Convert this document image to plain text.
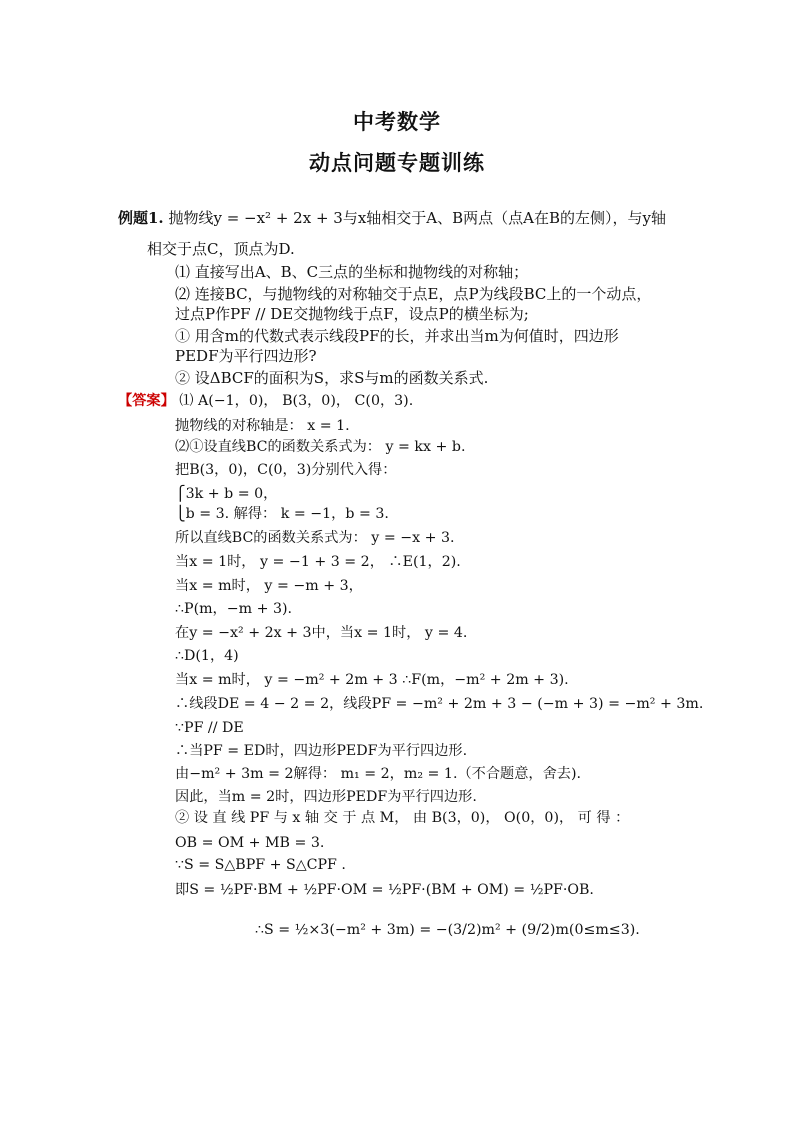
中考数学
动点问题专题训练
例题1. 抛物线y = −x² + 2x + 3与x轴相交于A、B两点（点A在B的左侧），与y轴
相交于点C，顶点为D.
⑴ 直接写出A、B、C三点的坐标和抛物线的对称轴；
⑵ 连接BC，与抛物线的对称轴交于点E，点P为线段BC上的一个动点，
过点P作PF // DE交抛物线于点F，设点P的横坐标为;
① 用含m的代数式表示线段PF的长，并求出当m为何值时，四边形
PEDF为平行四边形?
② 设ΔBCF的面积为S，求S与m的函数关系式.
【答案】 ⑴ A(−1，0)， B(3，0)， C(0，3).
抛物线的对称轴是： x = 1.
⑵①设直线BC的函数关系式为： y = kx + b.
把B(3，0)，C(0，3)分别代入得：
⎧3k + b = 0，
⎩b = 3. 解得： k = −1，b = 3.
所以直线BC的函数关系式为： y = −x + 3.
当x = 1时， y = −1 + 3 = 2， ∴E(1，2).
当x = m时， y = −m + 3，
∴P(m，−m + 3).
在y = −x² + 2x + 3中，当x = 1时， y = 4.
∴D(1，4)
当x = m时， y = −m² + 2m + 3 ∴F(m，−m² + 2m + 3).
∴线段DE = 4 − 2 = 2，线段PF = −m² + 2m + 3 − (−m + 3) = −m² + 3m.
∵PF // DE
∴当PF = ED时，四边形PEDF为平行四边形.
由−m² + 3m = 2解得： m₁ = 2，m₂ = 1.（不合题意，舍去).
因此，当m = 2时，四边形PEDF为平行四边形.
② 设 直 线 PF 与 x 轴 交 于 点 M， 由 B(3，0)， O(0，0)， 可 得 ：
OB = OM + MB = 3.
∵S = S△BPF + S△CPF .
即S = ½PF·BM + ½PF·OM = ½PF·(BM + OM) = ½PF·OB.
∴S = ½×3(−m² + 3m) = −(3/2)m² + (9/2)m(0≤m≤3).
